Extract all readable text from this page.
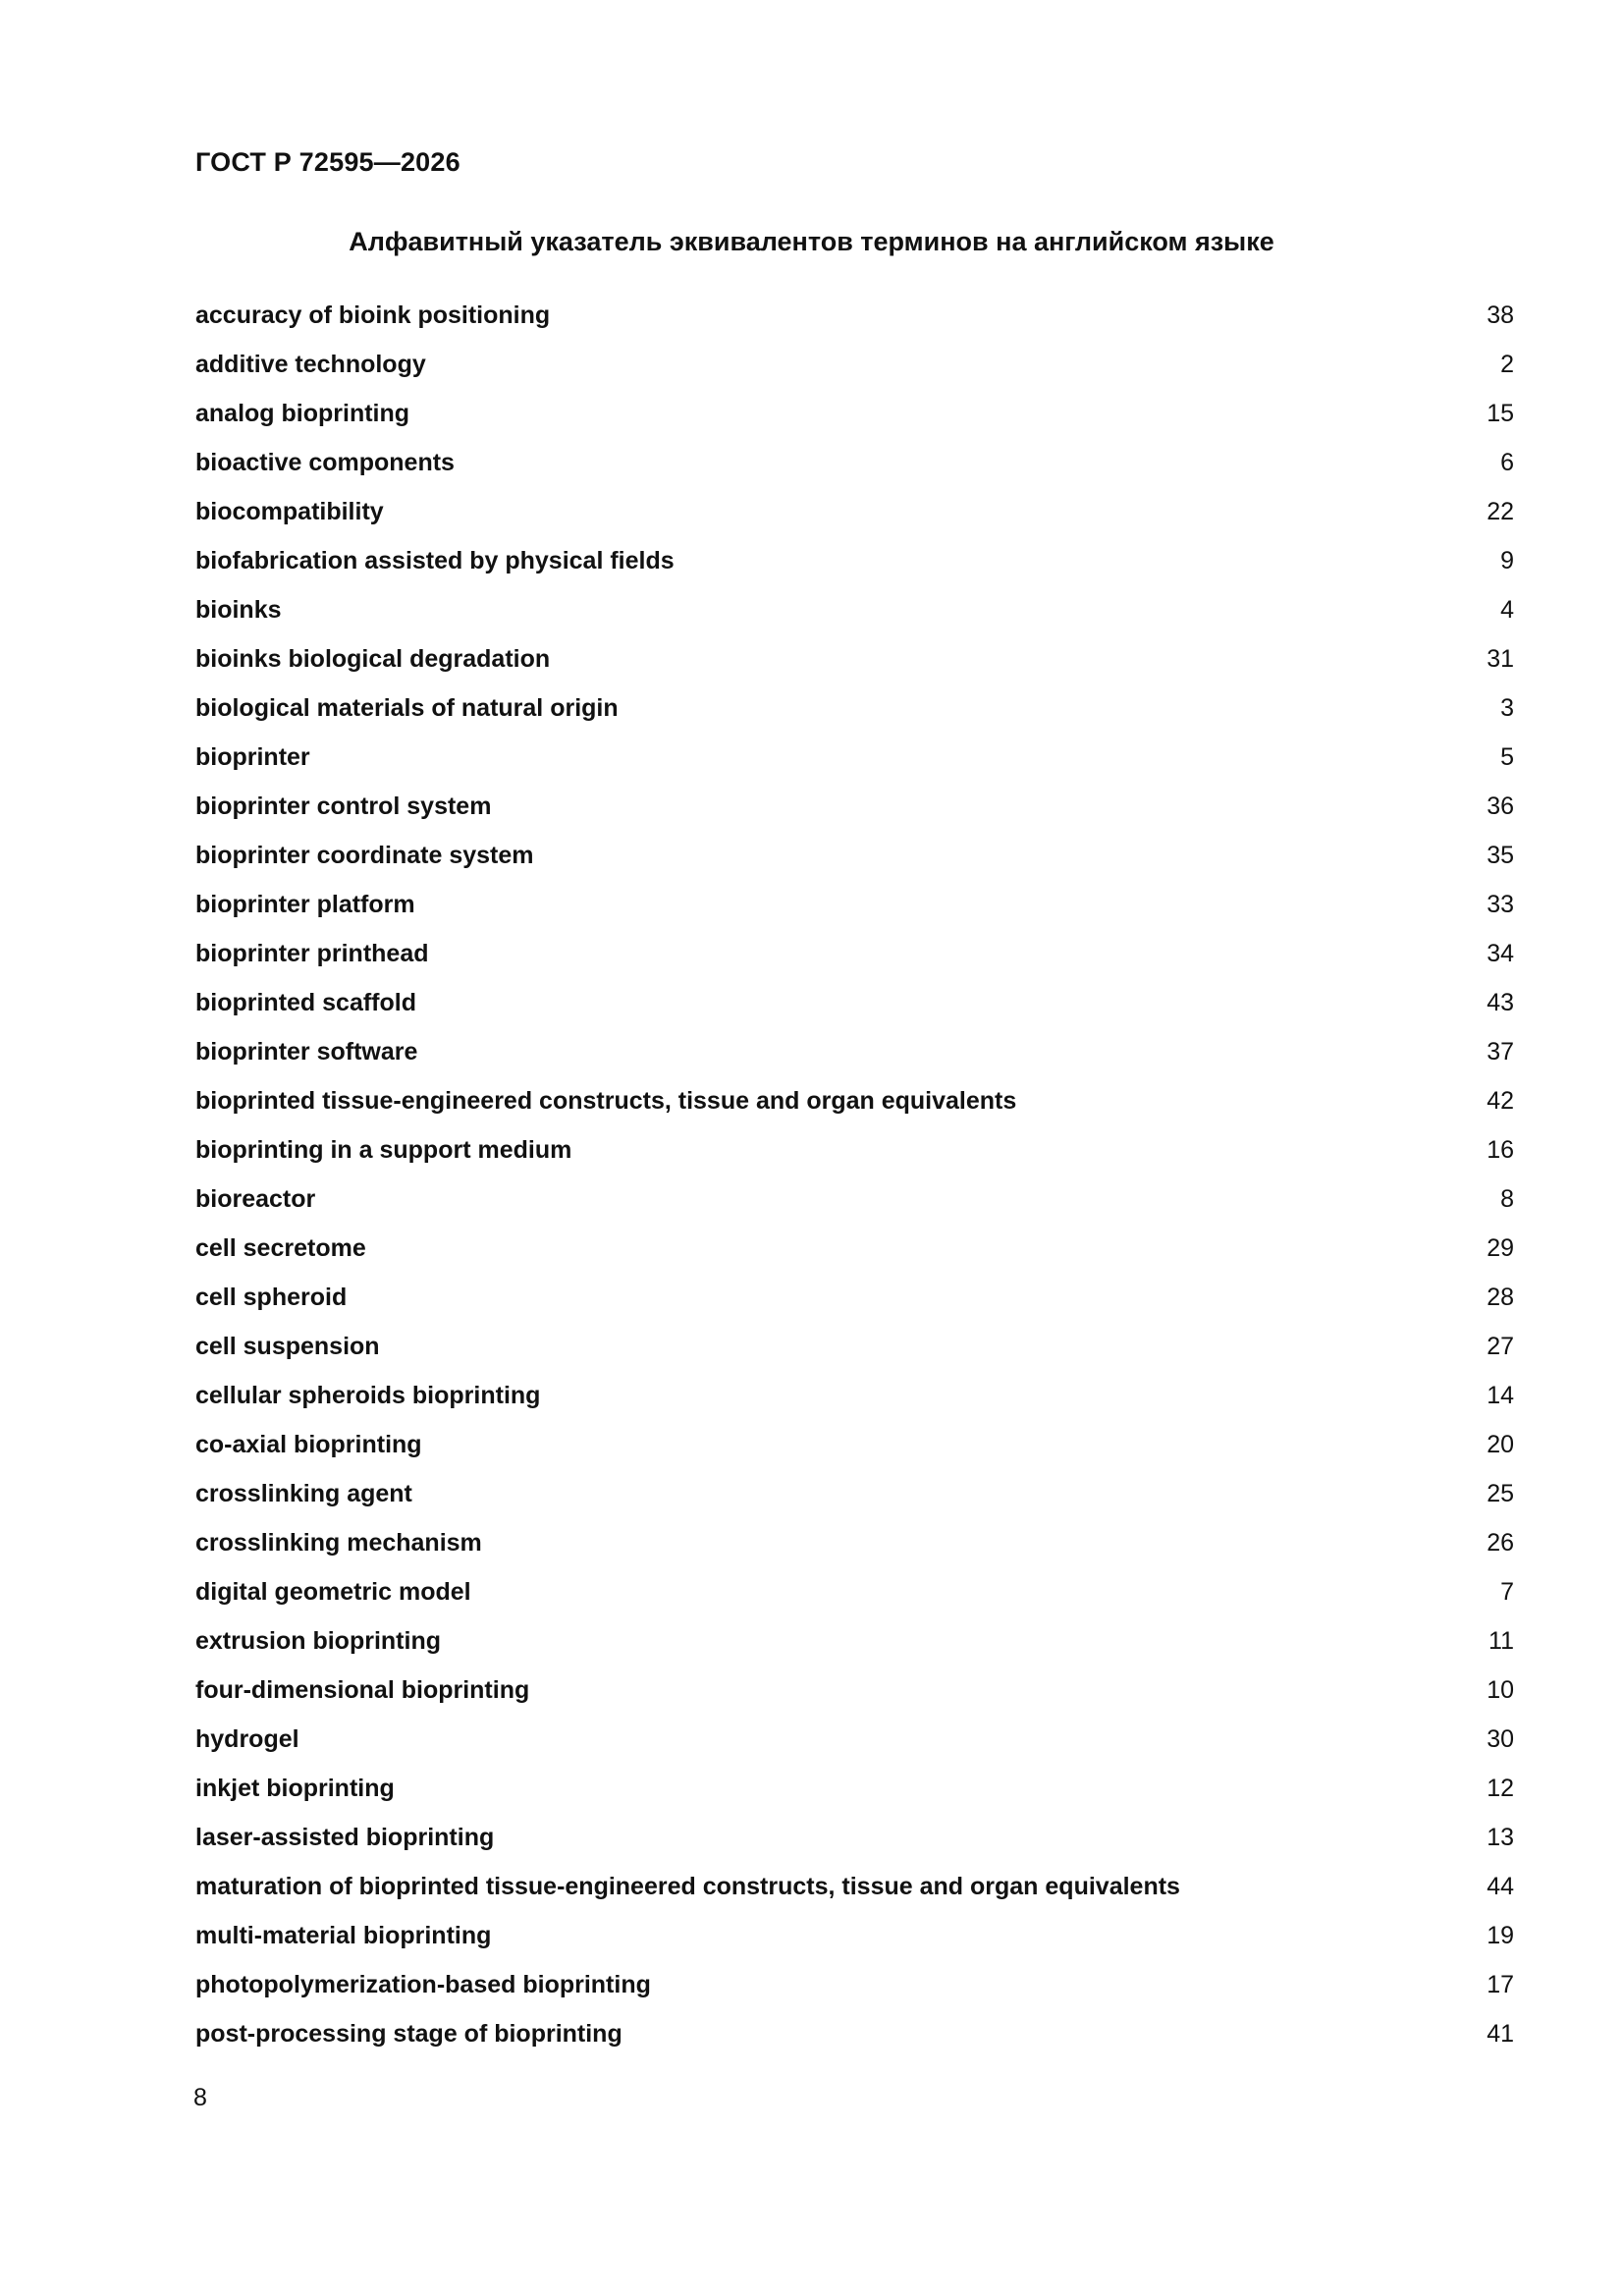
ГОСТ Р 72595—2026
Алфавитный указатель эквивалентов терминов на английском языке
accuracy of bioink positioning	38
additive technology	2
analog bioprinting	15
bioactive components	6
biocompatibility	22
biofabrication assisted by physical fields	9
bioinks	4
bioinks biological degradation	31
biological materials of natural origin	3
bioprinter	5
bioprinter control system	36
bioprinter coordinate system	35
bioprinter platform	33
bioprinter printhead	34
bioprinted scaffold	43
bioprinter software	37
bioprinted tissue-engineered constructs, tissue and organ equivalents	42
bioprinting in a support medium	16
bioreactor	8
cell secretome	29
cell spheroid	28
cell suspension	27
cellular spheroids bioprinting	14
co-axial bioprinting	20
crosslinking agent	25
crosslinking mechanism	26
digital geometric model	7
extrusion bioprinting	11
four-dimensional bioprinting	10
hydrogel	30
inkjet bioprinting	12
laser-assisted bioprinting	13
maturation of bioprinted tissue-engineered constructs, tissue and organ equivalents	44
multi-material bioprinting	19
photopolymerization-based bioprinting	17
post-processing stage of bioprinting	41
8
